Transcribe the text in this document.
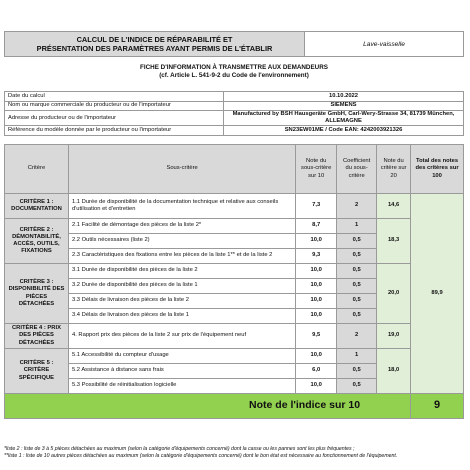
CALCUL DE L'INDICE DE RÉPARABILITÉ ET
PRÉSENTATION DES PARAMÈTRES AYANT PERMIS DE L'ÉTABLIR	Lave-vaisselle
FICHE D'INFORMATION À TRANSMETTRE AUX DEMANDEURS
(cf. Article L. 541-9-2 du Code de l'environnement)
Date du calcul	10.10.2022
Nom ou marque commerciale du producteur ou de l'importateur	SIEMENS
Adresse du producteur ou de l'importateur	Manufactured by BSH Hausgeräte GmbH, Carl-Wery-Strasse 34, 81739 München, ALLEMAGNE
Référence du modèle donnée par le producteur ou l'importateur	SN23EW01ME / Code EAN: 4242003921326
Critère	Sous-critère	Note du sous-critère sur 10	Coefficient du sous-critère	Note du critère sur 20	Total des notes des critères sur 100
CRITÈRE 1 : DOCUMENTATION	1.1 Durée de disponibilité de la documentation technique et relative aux conseils d'utilisation et d'entretien	7,3	2	14,6	89,9
CRITÈRE 2 : DÉMONTABILITÉ, ACCÈS, OUTILS, FIXATIONS	2.1 Facilité de démontage des pièces de la liste 2*	8,7	1	18,3	
	2.2 Outils nécessaires (liste 2)	10,0	0,5		
	2.3 Caractéristiques des fixations entre les pièces de la liste 1** et de la liste 2	9,3	0,5		
CRITÈRE 3 : DISPONIBILITÉ DES PIÈCES DÉTACHÉES	3.1 Durée de disponibilité des pièces de la liste 2	10,0	0,5	20,0	
	3.2 Durée de disponibilité des pièces de la liste 1	10,0	0,5		
	3.3 Délais de livraison des pièces de la liste 2	10,0	0,5		
	3.4 Délais de livraison des pièces de la liste 1	10,0	0,5		
CRITÈRE 4 : PRIX DES PIÈCES DÉTACHÉES	4. Rapport prix des pièces de la liste 2 sur prix de l'équipement neuf	9,5	2	19,0	
CRITÈRE 5 : CRITÈRE SPÉCIFIQUE	5.1 Accessibilité du compteur d'usage	10,0	1	18,0	
	5.2 Assistance à distance sans frais	6,0	0,5		
	5.3 Possibilité de réinitialisation logicielle	10,0	0,5		
Note de l'indice sur 10					9
*liste 2 : liste de 3 à 5 pièces détachées au maximum (selon la catégorie d'équipements concerné) dont la casse ou les pannes sont les plus fréquentes ;
**liste 1 : liste de 10 autres pièces détachées au maximum (selon la catégorie d'équipements concerné) dont le bon état est nécessaire au fonctionnement de l'équipement.
